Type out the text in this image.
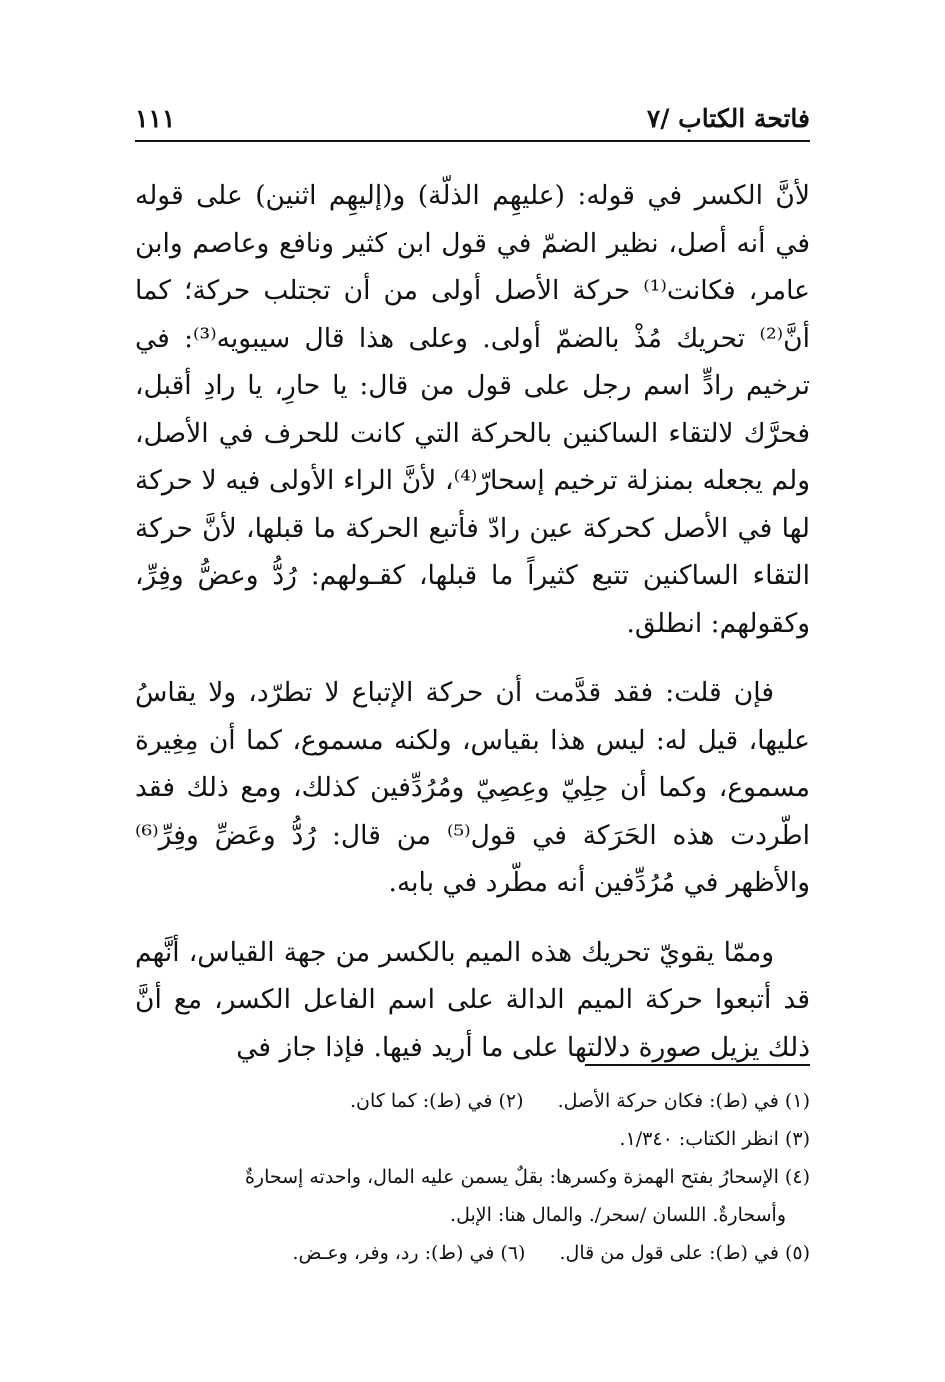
فاتحة الكتاب /٧
١١١

لأنَّ الكسر في قوله: (عليهِم الذلّة) و(إليهِم اثنين) على قوله في أنه أصل، نظير الضمّ في قول ابن كثير ونافع وعاصم وابن عامر، فكانت⁽¹⁾ حركة الأصل أولى من أن تجتلب حركة؛ كما أنَّ⁽²⁾ تحريك مُذْ بالضمّ أولى. وعلى هذا قال سيبويه⁽³⁾: في ترخيم رادٍّ اسم رجل على قول من قال: يا حارِ، يا رادِ أقبل، فحرَّك لالتقاء الساكنين بالحركة التي كانت للحرف في الأصل، ولم يجعله بمنزلة ترخيم إسحارّ⁽⁴⁾، لأنَّ الراء الأولى فيه لا حركة لها في الأصل كحركة عين رادّ فأتبع الحركة ما قبلها، لأنَّ حركة التقاء الساكنين تتبع كثيراً ما قبلها، كقـولهم: رُدُّ وعضُّ وفِرِّ، وكقولهم: انطلق.

فإن قلت: فقد قدَّمت أن حركة الإتباع لا تطرّد، ولا يقاسُ عليها، قيل له: ليس هذا بقياس، ولكنه مسموع، كما أن مِغِيرة مسموع، وكما أن حِلِيّ وعِصِيّ ومُرُدِّفين كذلك، ومع ذلك فقد اطّردت هذه الحَرَكة في قول⁽⁵⁾ من قال: رُدُّ وعَضِّ وفِرِّ⁽⁶⁾ والأظهر في مُرُدِّفين أنه مطّرد في بابه.

وممّا يقويّ تحريك هذه الميم بالكسر من جهة القياس، أنَّهم قد أتبعوا حركة الميم الدالة على اسم الفاعل الكسر، مع أنَّ ذلك يزيل صورة دلالتها على ما أريد فيها. فإذا جاز في

(١) في (ط): فكان حركة الأصل.(٢) في (ط): كما كان.
(٣) انظر الكتاب: ١/٣٤٠.
(٤) الإسحارُ بفتح الهمزة وكسرها: بقلٌ يسمن عليه المال، واحدته إسحارةٌ
وأسحارةٌ. اللسان /سحر/. والمال هنا: الإبل.
(٥) في (ط): على قول من قال.(٦) في (ط): رد، وفر، وعـض.
